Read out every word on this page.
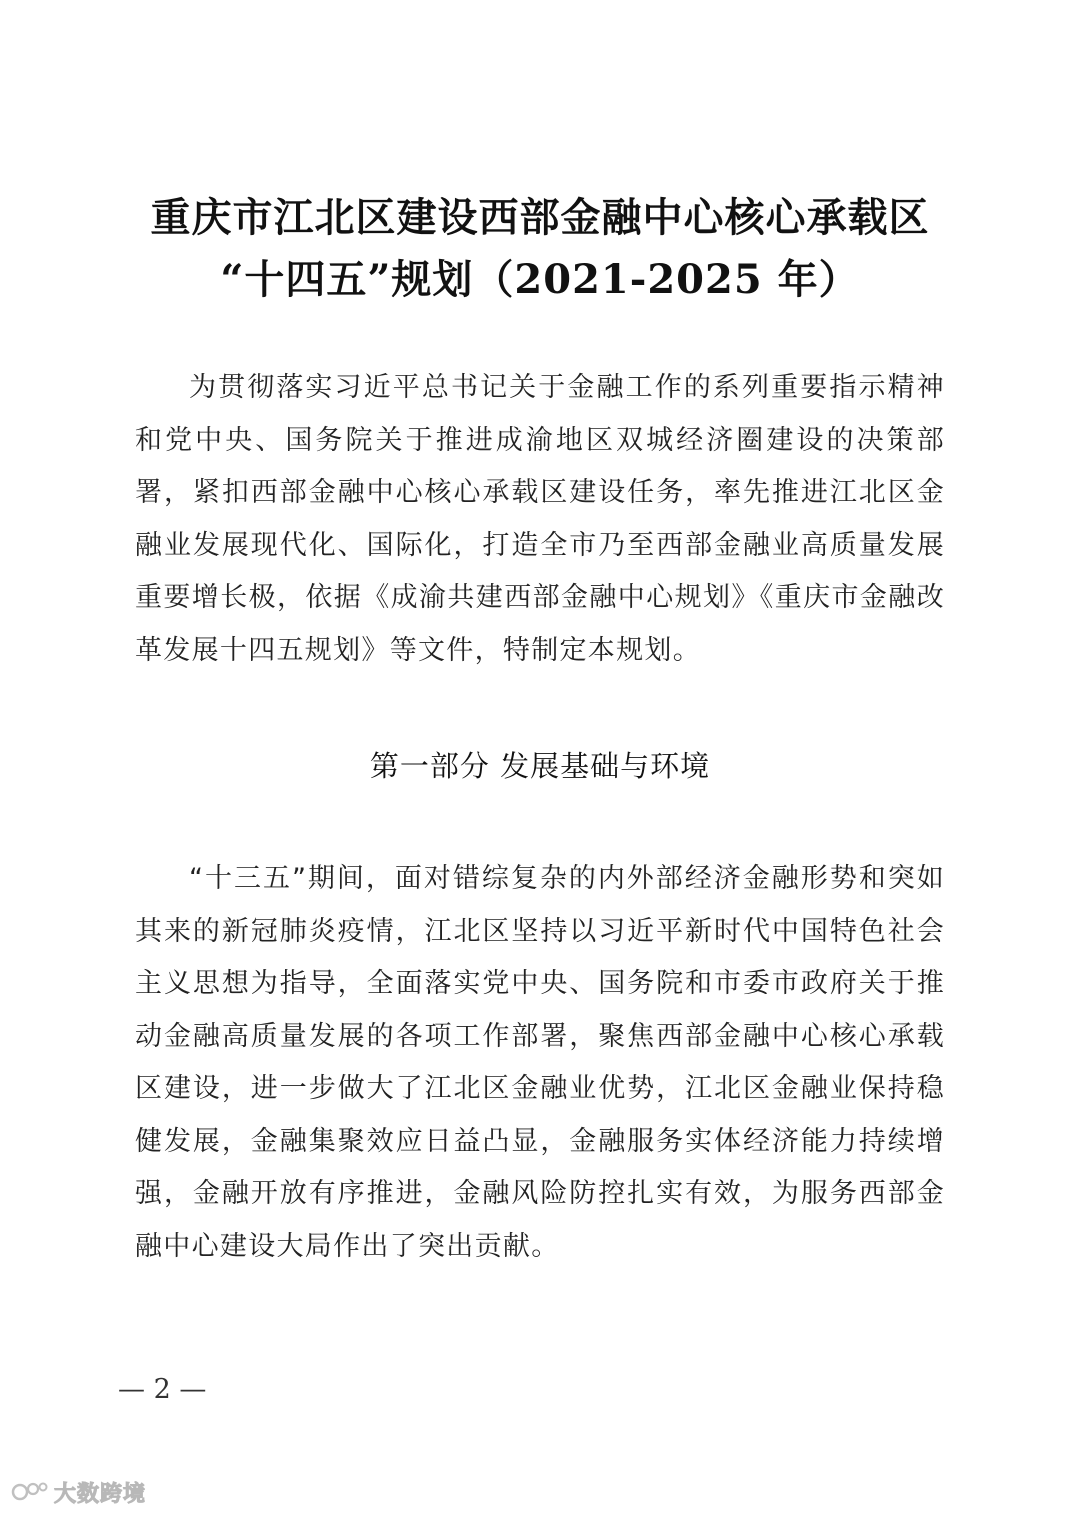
重庆市江北区建设西部金融中心核心承载区
“十四五”规划（2021-2025 年）

为贯彻落实习近平总书记关于金融工作的系列重要指示精神和党中央、国务院关于推进成渝地区双城经济圈建设的决策部署，紧扣西部金融中心核心承载区建设任务，率先推进江北区金融业发展现代化、国际化，打造全市乃至西部金融业高质量发展重要增长极，依据《成渝共建西部金融中心规划》《重庆市金融改革发展十四五规划》等文件，特制定本规划。

第一部分 发展基础与环境

“十三五”期间，面对错综复杂的内外部经济金融形势和突如其来的新冠肺炎疫情，江北区坚持以习近平新时代中国特色社会主义思想为指导，全面落实党中央、国务院和市委市政府关于推动金融高质量发展的各项工作部署，聚焦西部金融中心核心承载区建设，进一步做大了江北区金融业优势，江北区金融业保持稳健发展，金融集聚效应日益凸显，金融服务实体经济能力持续增强，金融开放有序推进，金融风险防控扎实有效，为服务西部金融中心建设大局作出了突出贡献。

— 2 —
大数跨境
